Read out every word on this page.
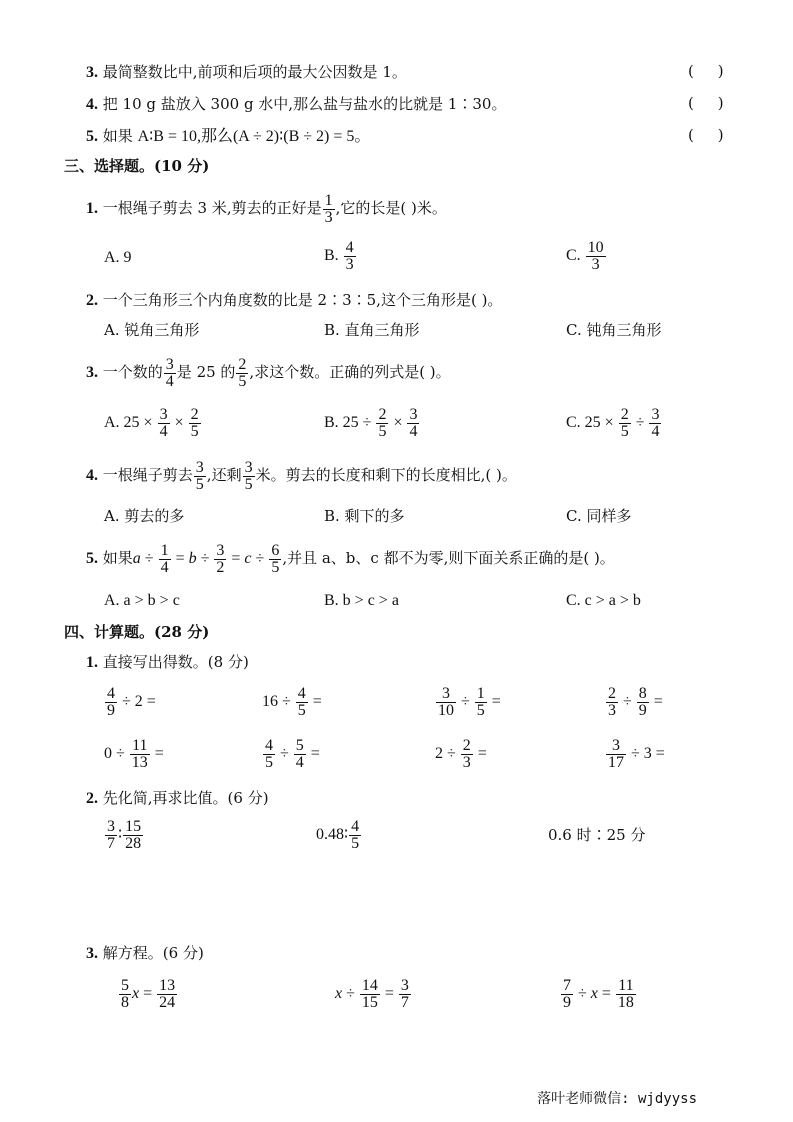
3. 最简整数比中,前项和后项的最大公因数是 1。	(     )
4. 把 10 g 盐放入 300 g 水中,那么盐与盐水的比就是 1∶30。	(     )
5. 如果 A∶B = 10,那么(A ÷ 2)∶(B ÷ 2) = 5。	(     )
三、选择题。(10 分)
1. 一根绳子剪去 3 米,剪去的正好是 $\frac{1}{3}$ ,它的长是( )米。
A. 9	B. $\frac{4}{3}$	C. $\frac{10}{3}$
2. 一个三角形三个内角度数的比是 2∶3∶5,这个三角形是( )。
A. 锐角三角形	B. 直角三角形	C. 钝角三角形
3. 一个数的 $\frac{3}{4}$ 是 25 的 $\frac{2}{5}$ ,求这个数。正确的列式是( )。
A. $25 \times \frac{3}{4} \times \frac{2}{5}$	B. $25 \div \frac{2}{5} \times \frac{3}{4}$	C. $25 \times \frac{2}{5} \div \frac{3}{4}$
4. 一根绳子剪去 $\frac{3}{5}$ ,还剩 $\frac{3}{5}$ 米。剪去的长度和剩下的长度相比,( )。
A. 剪去的多	B. 剩下的多	C. 同样多
5. 如果$a \div \frac{1}{4} = b \div \frac{3}{2} = c \div \frac{6}{5}$ ,并且 a、b、c 都不为零,则下面关系正确的是( )。
A. a > b > c	B. b > c > a	C. c > a > b
四、计算题。(28 分)
1. 直接写出得数。(8 分)
$\frac{4}{9} \div 2$ =	$16 \div \frac{4}{5}$ =	$\frac{3}{10} \div \frac{1}{5}$ =	$\frac{2}{3} \div \frac{8}{9}$ =
$0 \div \frac{11}{13}$ =	$\frac{4}{5} \div \frac{5}{4}$ =	$2 \div \frac{2}{3}$ =	$\frac{3}{17} \div 3$ =
2. 先化简,再求比值。(6 分)
$\frac{3}{7}$ ∶ $\frac{15}{28}$	0.48∶ $\frac{4}{5}$	0.6 时∶25 分
3. 解方程。(6 分)
$\frac{5}{8}$ $x = \frac{13}{24}$	$x \div \frac{14}{15} = \frac{3}{7}$	$\frac{7}{9} \div x = \frac{11}{18}$
落叶老师微信: wjdyyss
